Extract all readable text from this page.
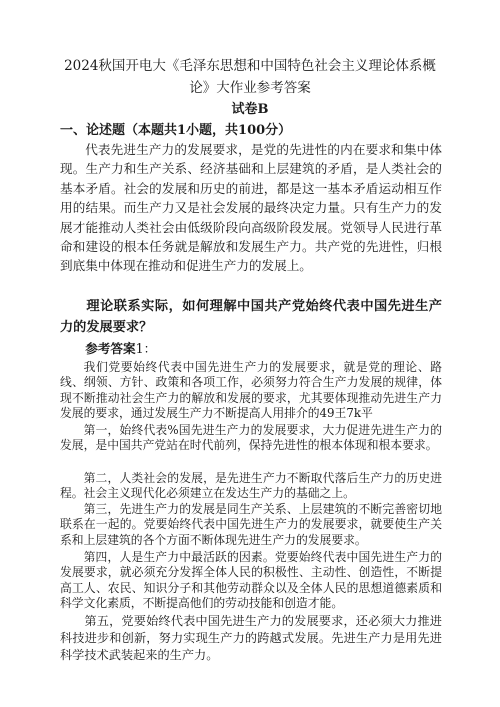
2024秋国开电大《毛泽东思想和中国特色社会主义理论体系概
论》大作业参考答案
试卷B
一、论述题（本题共1小题，共100分）
代表先进生产力的发展要求，是党的先进性的内在要求和集中体现。生产力和生产关系、经济基础和上层建筑的矛盾，是人类社会的基本矛盾。社会的发展和历史的前进，都是这一基本矛盾运动相互作用的结果。而生产力又是社会发展的最终决定力量。只有生产力的发展才能推动人类社会由低级阶段向高级阶段发展。党领导人民进行革命和建设的根本任务就是解放和发展生产力。共产党的先进性，归根到底集中体现在推动和促进生产力的发展上。
理论联系实际，如何理解中国共产党始终代表中国先进生产力的发展要求？
参考答案1：
我们党要始终代表中国先进生产力的发展要求，就是党的理论、路线、纲领、方针、政策和各项工作，必须努力符合生产力发展的规律，体现不断推动社会生产力的解放和发展的要求，尤其要体现推动先进生产力发展的要求，通过发展生产力不断提高人用排介的49王7k平
第一，始终代表%国先进生产力的发展要求，大力促进先进生产力的发展，是中国共产党站在时代前列，保持先进性的根本体现和根本要求。
第二，人类社会的发展，是先进生产力不断取代落后生产力的历史进程。社会主义现代化必须建立在发达生产力的基础之上。
第三，先进生产力的发展是同生产关系、上层建筑的不断完善密切地联系在一起的。党要始终代表中国先进生产力的发展要求，就要使生产关系和上层建筑的各个方面不断体现先进生产力的发展要求。
第四，人是生产力中最活跃的因素。党要始终代表中国先进生产力的发展要求，就必须充分发挥全体人民的积极性、主动性、创造性，不断提高工人、农民、知识分子和其他劳动群众以及全体人民的思想道德素质和科学文化素质，不断提高他们的劳动技能和创造才能。
第五，党要始终代表中国先进生产力的发展要求，还必须大力推进科技进步和创新，努力实现生产力的跨越式发展。先进生产力是用先进科学技术武装起来的生产力。
